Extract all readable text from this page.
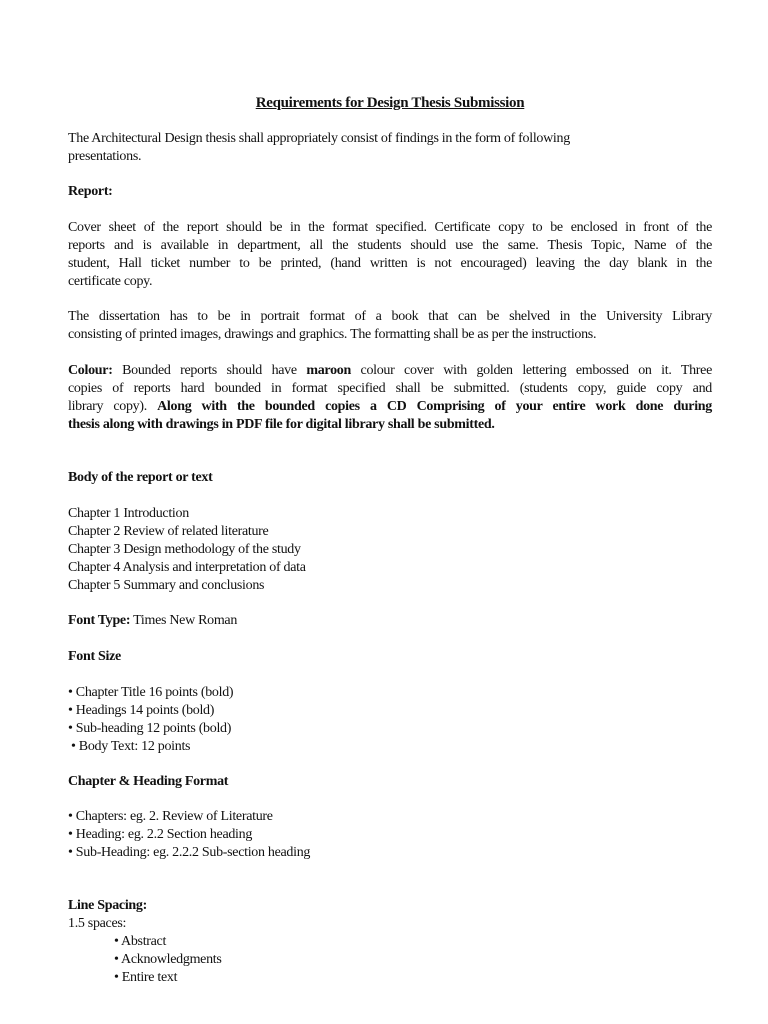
Requirements for Design Thesis Submission
The Architectural Design thesis shall appropriately consist of findings in the form of following
presentations.
Report:
Cover sheet of the report should be in the format specified. Certificate copy to be enclosed in front of the
reports and is available in department, all the students should use the same. Thesis Topic, Name of the
student, Hall ticket number to be printed, (hand written is not encouraged) leaving the day blank in the
certificate copy.
The dissertation has to be in portrait format of a book that can be shelved in the University Library
consisting of printed images, drawings and graphics. The formatting shall be as per the instructions.
Colour: Bounded reports should have maroon colour cover with golden lettering embossed on it. Three
copies of reports hard bounded in format specified shall be submitted. (students copy, guide copy and
library copy). Along with the bounded copies a CD Comprising of your entire work done during
thesis along with drawings in PDF file for digital library shall be submitted.
Body of the report or text
Chapter 1 Introduction
Chapter 2 Review of related literature
Chapter 3 Design methodology of the study
Chapter 4 Analysis and interpretation of data
Chapter 5 Summary and conclusions
Font Type: Times New Roman
Font Size
• Chapter Title 16 points (bold)
• Headings 14 points (bold)
• Sub-heading 12 points (bold)
• Body Text: 12 points
Chapter & Heading Format
• Chapters: eg. 2. Review of Literature
• Heading: eg. 2.2 Section heading
• Sub-Heading: eg. 2.2.2 Sub-section heading
Line Spacing:
1.5 spaces:
• Abstract
• Acknowledgments
• Entire text
